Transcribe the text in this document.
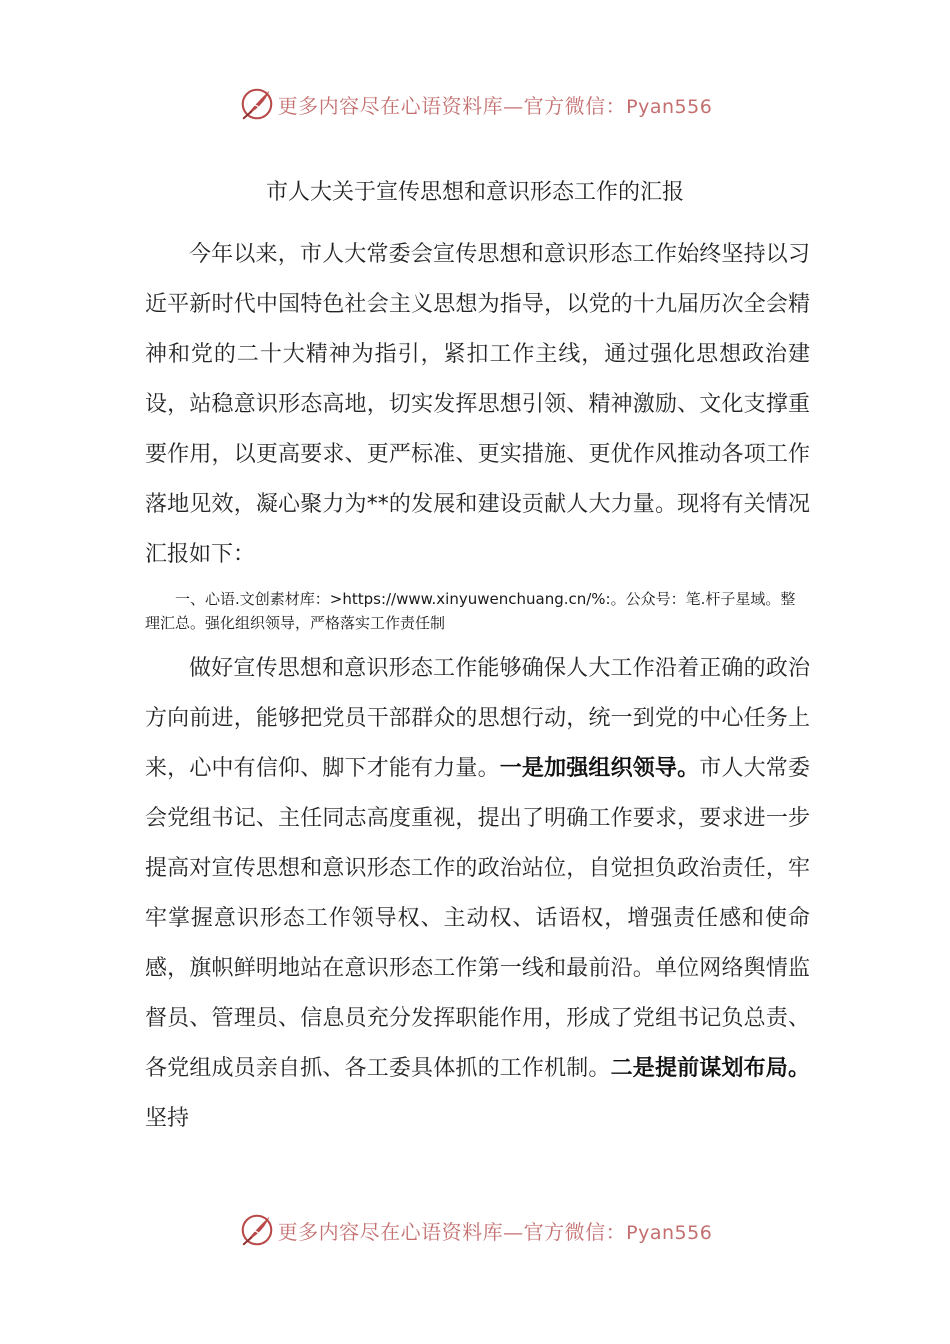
更多内容尽在心语资料库—官方微信：Pyan556
市人大关于宣传思想和意识形态工作的汇报

今年以来，市人大常委会宣传思想和意识形态工作始终坚持以习近平新时代中国特色社会主义思想为指导，以党的十九届历次全会精神和党的二十大精神为指引，紧扣工作主线，通过强化思想政治建设，站稳意识形态高地，切实发挥思想引领、精神激励、文化支撑重要作用，以更高要求、更严标准、更实措施、更优作风推动各项工作落地见效，凝心聚力为**的发展和建设贡献人大力量。现将有关情况汇报如下：

一、心语.文创素材库：>https://www.xinyuwenchuang.cn/%:。公众号：笔.杆子星域。整理汇总。强化组织领导，严格落实工作责任制

做好宣传思想和意识形态工作能够确保人大工作沿着正确的政治方向前进，能够把党员干部群众的思想行动，统一到党的中心任务上来，心中有信仰、脚下才能有力量。一是加强组织领导。市人大常委会党组书记、主任同志高度重视，提出了明确工作要求，要求进一步提高对宣传思想和意识形态工作的政治站位，自觉担负政治责任，牢牢掌握意识形态工作领导权、主动权、话语权，增强责任感和使命感，旗帜鲜明地站在意识形态工作第一线和最前沿。单位网络舆情监督员、管理员、信息员充分发挥职能作用，形成了党组书记负总责、各党组成员亲自抓、各工委具体抓的工作机制。二是提前谋划布局。坚持

更多内容尽在心语资料库—官方微信：Pyan556
